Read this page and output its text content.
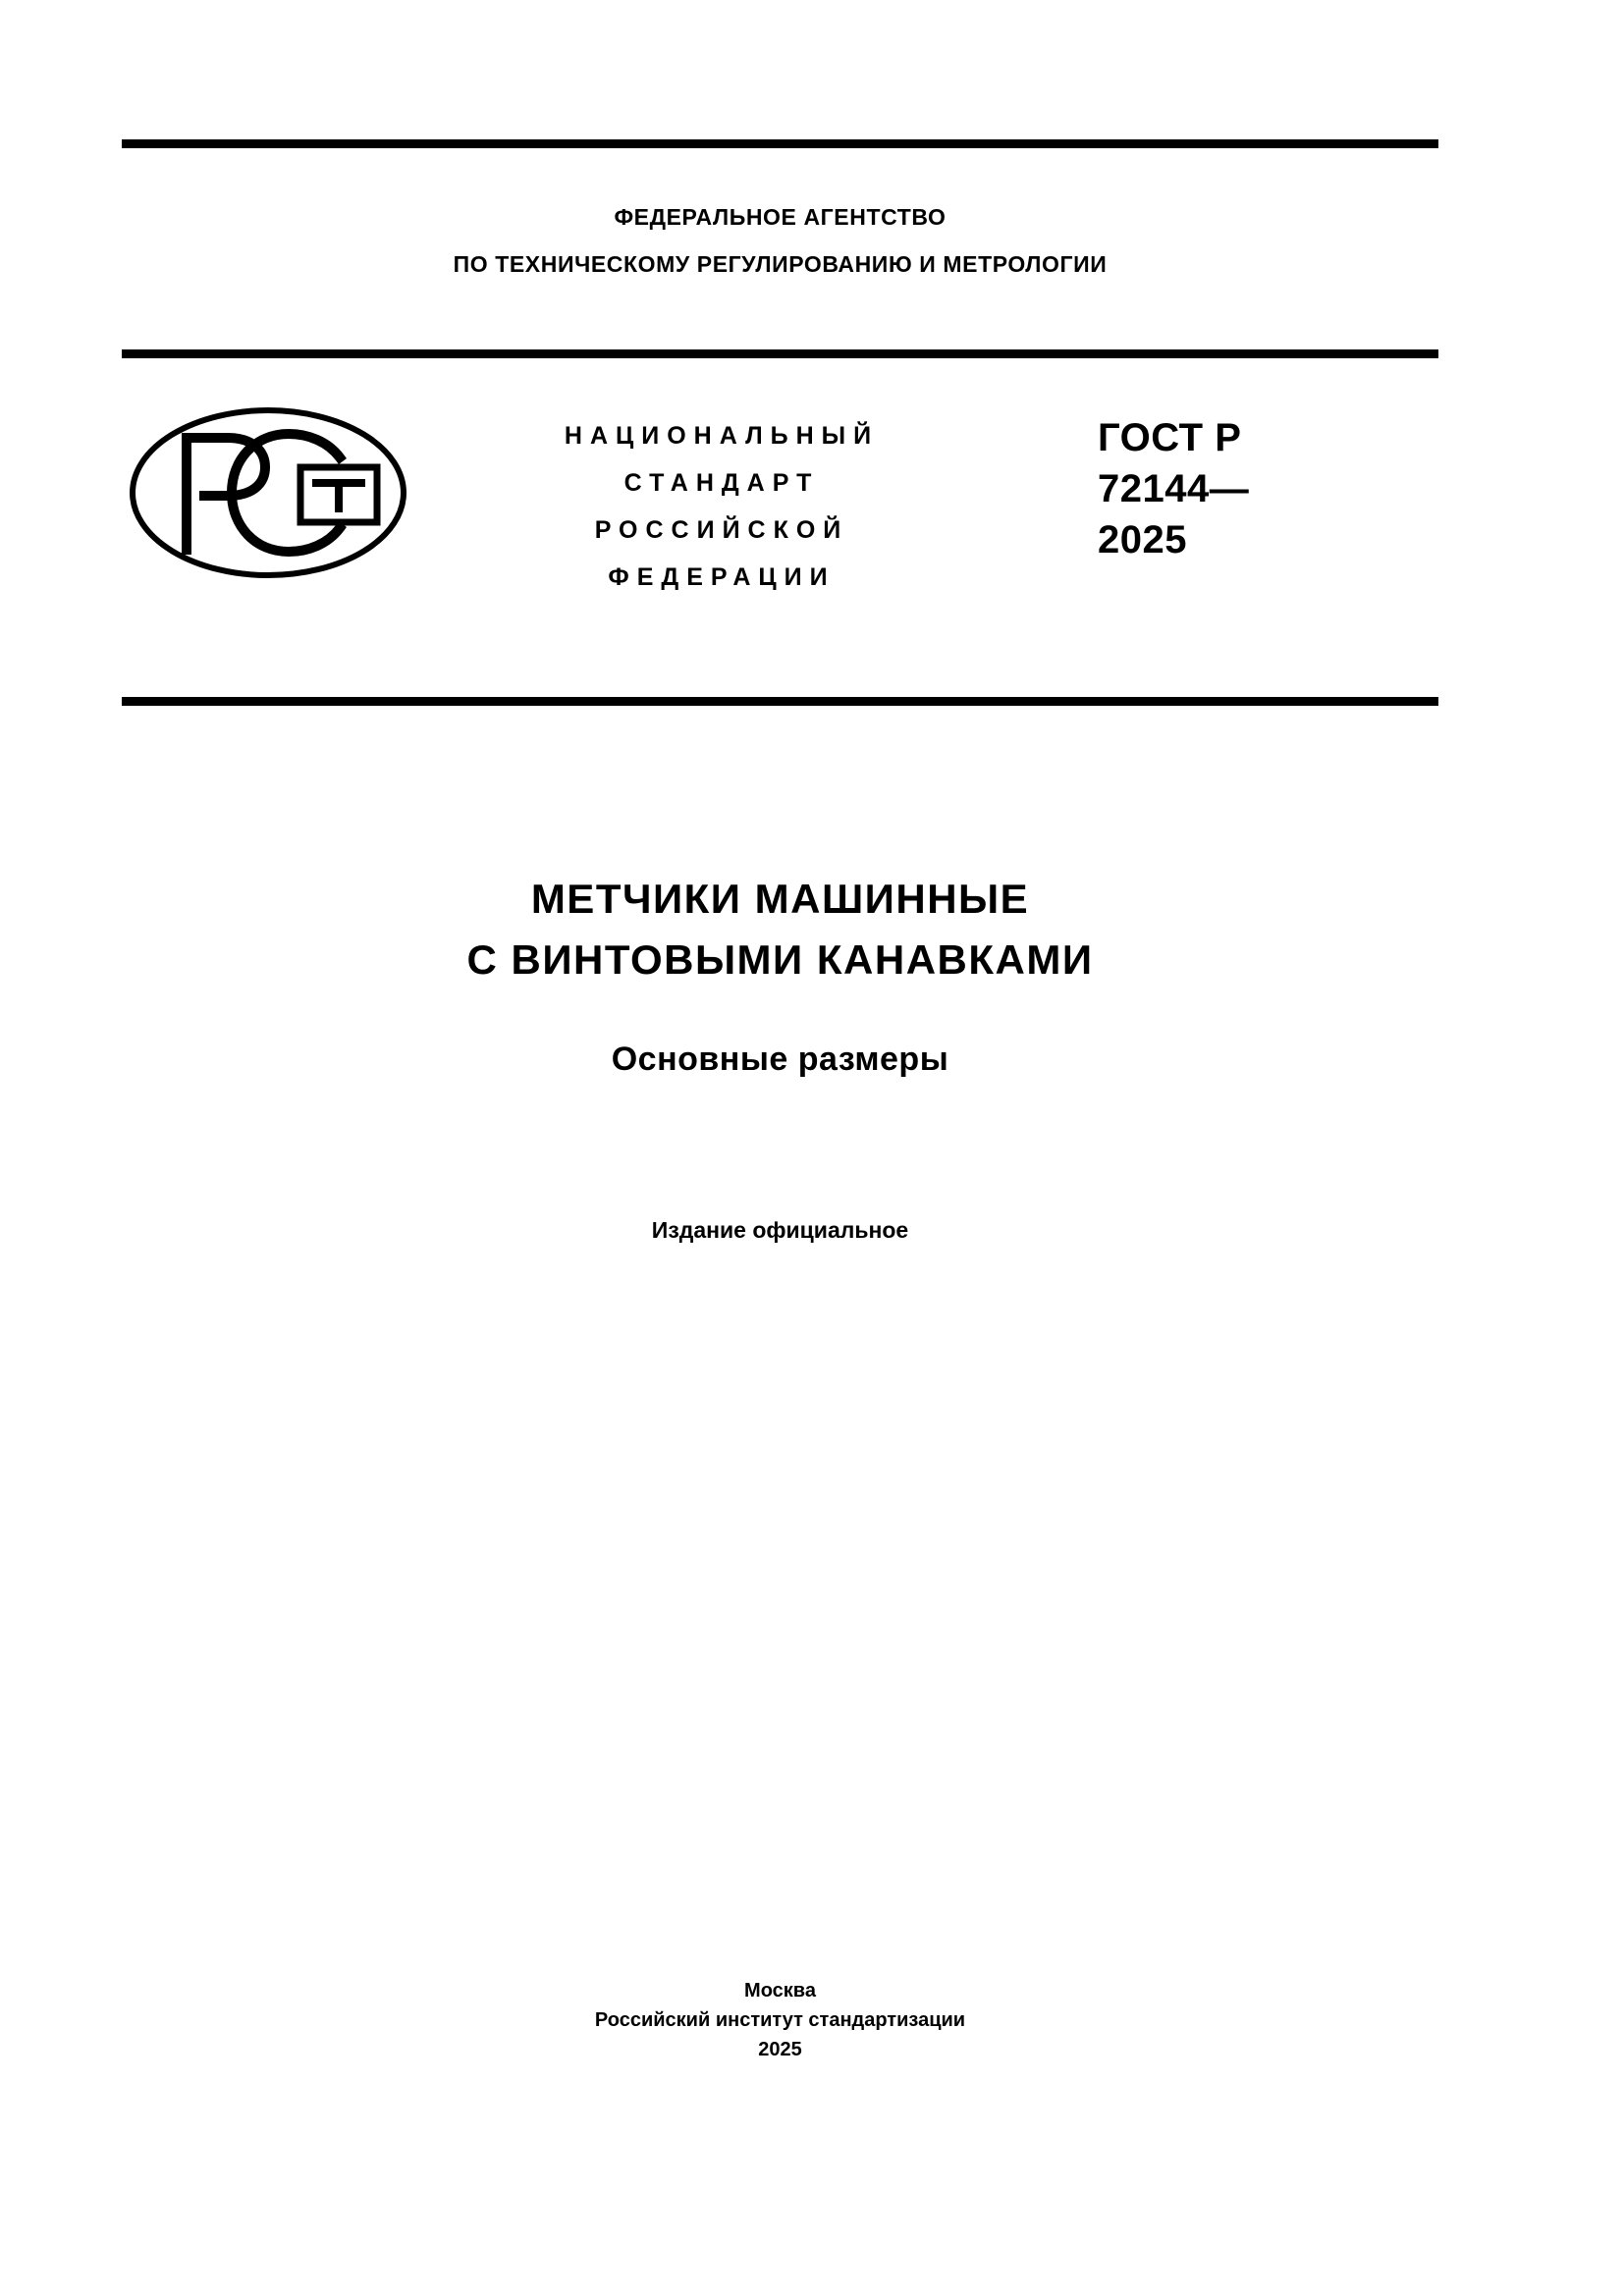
ФЕДЕРАЛЬНОЕ АГЕНТСТВО
ПО ТЕХНИЧЕСКОМУ РЕГУЛИРОВАНИЮ И МЕТРОЛОГИИ
НАЦИОНАЛЬНЫЙ
СТАНДАРТ
РОССИЙСКОЙ
ФЕДЕРАЦИИ
ГОСТ Р
72144—
2025
МЕТЧИКИ МАШИННЫЕ
С ВИНТОВЫМИ КАНАВКАМИ
Основные размеры
Издание официальное
Москва
Российский институт стандартизации
2025
